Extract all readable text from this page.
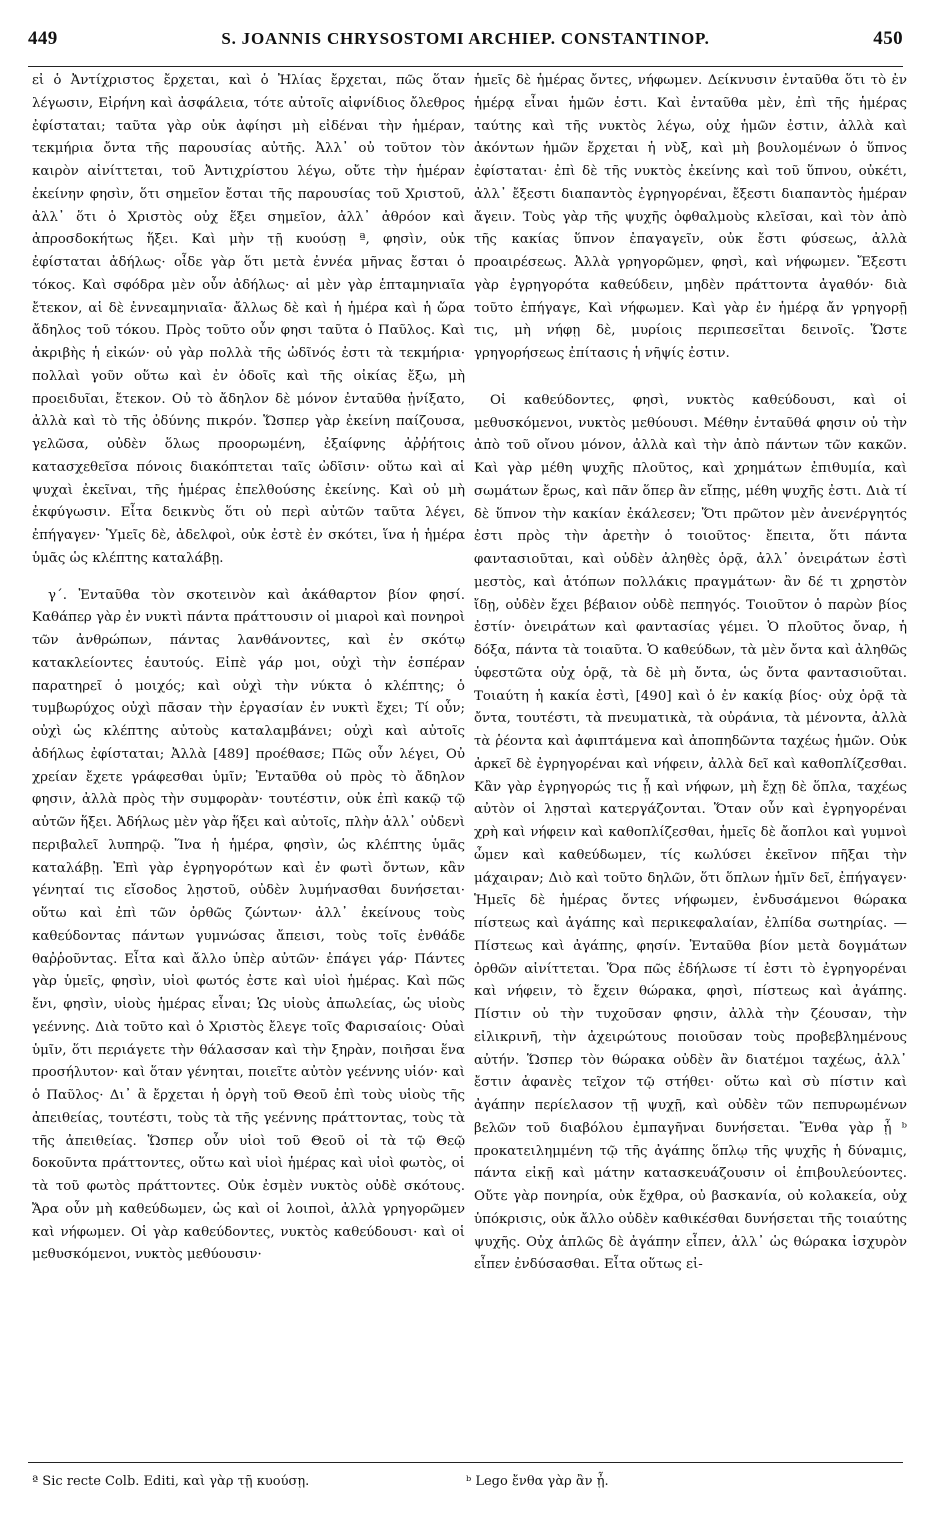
449	S. JOANNIS CHRYSOSTOMI ARCHIEP. CONSTANTINOP.	450

εἰ ὁ Ἀντίχριστος ἔρχεται, καὶ ὁ Ἠλίας ἔρχεται, πῶς ὅταν λέγωσιν, Εἰρήνη καὶ ἀσφάλεια, τότε αὐτοῖς αἰφνίδιος ὄλεθρος ἐφίσταται; ταῦτα γὰρ οὐκ ἀφίησι μὴ εἰδέναι τὴν ἡμέραν, τεκμήρια ὄντα τῆς παρουσίας αὐτῆς. Ἀλλ᾽ οὐ τοῦτον τὸν καιρὸν αἰνίττεται, τοῦ Ἀντιχρίστου λέγω, οὔτε τὴν ἡμέραν ἐκείνην φησὶν, ὅτι σημεῖον ἔσται τῆς παρουσίας τοῦ Χριστοῦ, ἀλλ᾽ ὅτι ὁ Χριστὸς οὐχ ἕξει σημεῖον, ἀλλ᾽ ἀθρόον καὶ ἀπροσδοκήτως ἥξει. Καὶ μὴν τῇ κυούσῃ ª, φησὶν, οὐκ ἐφίσταται ἀδήλως· οἶδε γὰρ ὅτι μετὰ ἐννέα μῆνας ἔσται ὁ τόκος. Καὶ σφόδρα μὲν οὖν ἀδήλως· αἱ μὲν γὰρ ἑπταμηνιαῖα ἔτεκον, αἱ δὲ ἐννεαμηνιαῖα· ἄλλως δὲ καὶ ἡ ἡμέρα καὶ ἡ ὥρα ἄδηλος τοῦ τόκου. Πρὸς τοῦτο οὖν φησι ταῦτα ὁ Παῦλος. Καὶ ἀκριβὴς ἡ εἰκών· οὐ γὰρ πολλὰ τῆς ὠδῖνός ἐστι τὰ τεκμήρια· πολλαὶ γοῦν οὕτω καὶ ἐν ὁδοῖς καὶ τῆς οἰκίας ἔξω, μὴ προειδυῖαι, ἔτεκον. Οὐ τὸ ἄδηλον δὲ μόνον ἐνταῦθα ᾐνίξατο, ἀλλὰ καὶ τὸ τῆς ὀδύνης πικρόν. Ὥσπερ γὰρ ἐκείνη παίζουσα, γελῶσα, οὐδὲν ὅλως προορωμένη, ἐξαίφνης ἀῤῥήτοις κατασχεθεῖσα πόνοις διακόπτεται ταῖς ὠδῖσιν· οὕτω καὶ αἱ ψυχαὶ ἐκεῖναι, τῆς ἡμέρας ἐπελθούσης ἐκείνης. Καὶ οὐ μὴ ἐκφύγωσιν. Εἶτα δεικνὺς ὅτι οὐ περὶ αὐτῶν ταῦτα λέγει, ἐπήγαγεν· Ὑμεῖς δὲ, ἀδελφοὶ, οὐκ ἐστὲ ἐν σκότει, ἵνα ἡ ἡμέρα ὑμᾶς ὡς κλέπτης καταλάβῃ.

γ΄. Ἐνταῦθα τὸν σκοτεινὸν καὶ ἀκάθαρτον βίον φησί. Καθάπερ γὰρ ἐν νυκτὶ πάντα πράττουσιν οἱ μιαροὶ καὶ πονηροὶ τῶν ἀνθρώπων, πάντας λανθάνοντες, καὶ ἐν σκότῳ κατακλείοντες ἑαυτούς. Εἰπὲ γάρ μοι, οὐχὶ τὴν ἑσπέραν παρατηρεῖ ὁ μοιχός; καὶ οὐχὶ τὴν νύκτα ὁ κλέπτης; ὁ τυμβωρύχος οὐχὶ πᾶσαν τὴν ἐργασίαν ἐν νυκτὶ ἔχει; Τί οὖν; οὐχὶ ὡς κλέπτης αὐτοὺς καταλαμβάνει; οὐχὶ καὶ αὐτοῖς ἀδήλως ἐφίσταται; Ἀλλὰ [489] προέθασε; Πῶς οὖν λέγει, Οὐ χρείαν ἔχετε γράφεσθαι ὑμῖν; Ἐνταῦθα οὐ πρὸς τὸ ἄδηλον φησιν, ἀλλὰ πρὸς τὴν συμφορὰν· τουτέστιν, οὐκ ἐπὶ κακῷ τῷ αὐτῶν ἥξει. Ἀδήλως μὲν γὰρ ἥξει καὶ αὐτοῖς, πλὴν ἀλλ᾽ οὐδενὶ περιβαλεῖ λυπηρῷ. Ἵνα ἡ ἡμέρα, φησὶν, ὡς κλέπτης ὑμᾶς καταλάβῃ. Ἐπὶ γὰρ ἐγρηγορότων καὶ ἐν φωτὶ ὄντων, κἂν γένηταί τις εἴσοδος λῃστοῦ, οὐδὲν λυμήνασθαι δυνήσεται· οὕτω καὶ ἐπὶ τῶν ὀρθῶς ζώντων· ἀλλ᾽ ἐκείνους τοὺς καθεύδοντας πάντων γυμνώσας ἄπεισι, τοὺς τοῖς ἐνθάδε θαῤῥοῦντας. Εἶτα καὶ ἄλλο ὑπὲρ αὐτῶν· ἐπάγει γάρ· Πάντες γὰρ ὑμεῖς, φησὶν, υἱοὶ φωτός ἐστε καὶ υἱοὶ ἡμέρας. Καὶ πῶς ἔνι, φησὶν, υἱοὺς ἡμέρας εἶναι; Ὡς υἱοὺς ἀπωλείας, ὡς υἱοὺς γεέννης. Διὰ τοῦτο καὶ ὁ Χριστὸς ἔλεγε τοῖς Φαρισαίοις· Οὐαὶ ὑμῖν, ὅτι περιάγετε τὴν θάλασσαν καὶ τὴν ξηρὰν, ποιῆσαι ἕνα προσήλυτον· καὶ ὅταν γένηται, ποιεῖτε αὐτὸν γεέννης υἱόν· καὶ ὁ Παῦλος· Δι᾽ ἃ ἔρχεται ἡ ὀργὴ τοῦ Θεοῦ ἐπὶ τοὺς υἱοὺς τῆς ἀπειθείας, τουτέστι, τοὺς τὰ τῆς γεέννης πράττοντας, τοὺς τὰ τῆς ἀπειθείας. Ὥσπερ οὖν υἱοὶ τοῦ Θεοῦ οἱ τὰ τῷ Θεῷ δοκοῦντα πράττοντες, οὕτω καὶ υἱοὶ ἡμέρας καὶ υἱοὶ φωτὸς, οἱ τὰ τοῦ φωτὸς πράττοντες. Οὐκ ἐσμὲν νυκτὸς οὐδὲ σκότους. Ἄρα οὖν μὴ καθεύδωμεν, ὡς καὶ οἱ λοιποὶ, ἀλλὰ γρηγορῶμεν καὶ νήφωμεν. Οἱ γὰρ καθεύδοντες, νυκτὸς καθεύδουσι· καὶ οἱ μεθυσκόμενοι, νυκτὸς μεθύουσιν·

ἡμεῖς δὲ ἡμέρας ὄντες, νήφωμεν. Δείκνυσιν ἐνταῦθα ὅτι τὸ ἐν ἡμέρᾳ εἶναι ἡμῶν ἐστι. Καὶ ἐνταῦθα μὲν, ἐπὶ τῆς ἡμέρας ταύτης καὶ τῆς νυκτὸς λέγω, οὐχ ἡμῶν ἐστιν, ἀλλὰ καὶ ἀκόντων ἡμῶν ἔρχεται ἡ νὺξ, καὶ μὴ βουλομένων ὁ ὕπνος ἐφίσταται· ἐπὶ δὲ τῆς νυκτὸς ἐκείνης καὶ τοῦ ὕπνου, οὐκέτι, ἀλλ᾽ ἔξεστι διαπαντὸς ἐγρηγορέναι, ἔξεστι διαπαντὸς ἡμέραν ἄγειν. Τοὺς γὰρ τῆς ψυχῆς ὀφθαλμοὺς κλεῖσαι, καὶ τὸν ἀπὸ τῆς κακίας ὕπνον ἐπαγαγεῖν, οὐκ ἔστι φύσεως, ἀλλὰ προαιρέσεως. Ἀλλὰ γρηγορῶμεν, φησὶ, καὶ νήφωμεν. Ἔξεστι γὰρ ἐγρηγορότα καθεύδειν, μηδὲν πράττοντα ἀγαθόν· διὰ τοῦτο ἐπήγαγε, Καὶ νήφωμεν. Καὶ γὰρ ἐν ἡμέρᾳ ἄν γρηγορῇ τις, μὴ νήφῃ δὲ, μυρίοις περιπεσεῖται δεινοῖς. Ὥστε γρηγορήσεως ἐπίτασις ἡ νῆψίς ἐστιν.

Οἱ καθεύδοντες, φησὶ, νυκτὸς καθεύδουσι, καὶ οἱ μεθυσκόμενοι, νυκτὸς μεθύουσι. Μέθην ἐνταῦθά φησιν οὐ τὴν ἀπὸ τοῦ οἴνου μόνον, ἀλλὰ καὶ τὴν ἀπὸ πάντων τῶν κακῶν. Καὶ γὰρ μέθη ψυχῆς πλοῦτος, καὶ χρημάτων ἐπιθυμία, καὶ σωμάτων ἔρως, καὶ πᾶν ὅπερ ἂν εἴπῃς, μέθη ψυχῆς ἐστι. Διὰ τί δὲ ὕπνον τὴν κακίαν ἐκάλεσεν; Ὅτι πρῶτον μὲν ἀνενέργητός ἐστι πρὸς τὴν ἀρετὴν ὁ τοιοῦτος· ἔπειτα, ὅτι πάντα φαντασιοῦται, καὶ οὐδὲν ἀληθὲς ὁρᾷ, ἀλλ᾽ ὀνειράτων ἐστὶ μεστὸς, καὶ ἀτόπων πολλάκις πραγμάτων· ἂν δέ τι χρηστὸν ἴδῃ, οὐδὲν ἔχει βέβαιον οὐδὲ πεπηγός. Τοιοῦτον ὁ παρὼν βίος ἐστίν· ὀνειράτων καὶ φαντασίας γέμει. Ὁ πλοῦτος ὄναρ, ἡ δόξα, πάντα τὰ τοιαῦτα. Ὁ καθεύδων, τὰ μὲν ὄντα καὶ ἀληθῶς ὑφεστῶτα οὐχ ὁρᾷ, τὰ δὲ μὴ ὄντα, ὡς ὄντα φαντασιοῦται. Τοιαύτη ἡ κακία ἐστὶ, [490] καὶ ὁ ἐν κακίᾳ βίος· οὐχ ὁρᾷ τὰ ὄντα, τουτέστι, τὰ πνευματικὰ, τὰ οὐράνια, τὰ μένοντα, ἀλλὰ τὰ ῥέοντα καὶ ἀφιπτάμενα καὶ ἀποπηδῶντα ταχέως ἡμῶν. Οὐκ ἀρκεῖ δὲ ἐγρηγορέναι καὶ νήφειν, ἀλλὰ δεῖ καὶ καθοπλίζεσθαι. Κἂν γὰρ ἐγρηγορώς τις ᾖ καὶ νήφων, μὴ ἔχῃ δὲ ὅπλα, ταχέως αὐτὸν οἱ λῃσταὶ κατεργάζονται. Ὅταν οὖν καὶ ἐγρηγορέναι χρὴ καὶ νήφειν καὶ καθοπλίζεσθαι, ἡμεῖς δὲ ἄοπλοι καὶ γυμνοὶ ὦμεν καὶ καθεύδωμεν, τίς κωλύσει ἐκεῖνον πῆξαι τὴν μάχαιραν; Διὸ καὶ τοῦτο δηλῶν, ὅτι ὅπλων ἡμῖν δεῖ, ἐπήγαγεν· Ἡμεῖς δὲ ἡμέρας ὄντες νήφωμεν, ἐνδυσάμενοι θώρακα πίστεως καὶ ἀγάπης καὶ περικεφαλαίαν, ἐλπίδα σωτηρίας. — Πίστεως καὶ ἀγάπης, φησίν. Ἐνταῦθα βίον μετὰ δογμάτων ὀρθῶν αἰνίττεται. Ὅρα πῶς ἐδήλωσε τί ἐστι τὸ ἐγρηγορέναι καὶ νήφειν, τὸ ἔχειν θώρακα, φησὶ, πίστεως καὶ ἀγάπης. Πίστιν οὐ τὴν τυχοῦσαν φησιν, ἀλλὰ τὴν ζέουσαν, τὴν εἰλικρινῆ, τὴν ἀχειρώτους ποιοῦσαν τοὺς προβεβλημένους αὐτήν. Ὥσπερ τὸν θώρακα οὐδὲν ἂν διατέμοι ταχέως, ἀλλ᾽ ἔστιν ἀφανὲς τεῖχον τῷ στήθει· οὕτω καὶ σὺ πίστιν καὶ ἀγάπην περίελασον τῇ ψυχῇ, καὶ οὐδὲν τῶν πεπυρωμένων βελῶν τοῦ διαβόλου ἐμπαγῆναι δυνήσεται. Ἔνθα γὰρ ᾖ ᵇ προκατειλημμένη τῷ τῆς ἀγάπης ὅπλῳ τῆς ψυχῆς ἡ δύναμις, πάντα εἰκῇ καὶ μάτην κατασκευάζουσιν οἱ ἐπιβουλεύοντες. Οὔτε γὰρ πονηρία, οὐκ ἔχθρα, οὐ βασκανία, οὐ κολακεία, οὐχ ὑπόκρισις, οὐκ ἄλλο οὐδὲν καθικέσθαι δυνήσεται τῆς τοιαύτης ψυχῆς. Οὐχ ἁπλῶς δὲ ἀγάπην εἶπεν, ἀλλ᾽ ὡς θώρακα ἰσχυρὸν εἶπεν ἐνδύσασθαι. Εἶτα οὕτως εἰ-

ª Sic recte Colb. Editi, καὶ γὰρ τῇ κυούσῃ.	ᵇ Lego ἔνθα γὰρ ἂν ᾖ.
